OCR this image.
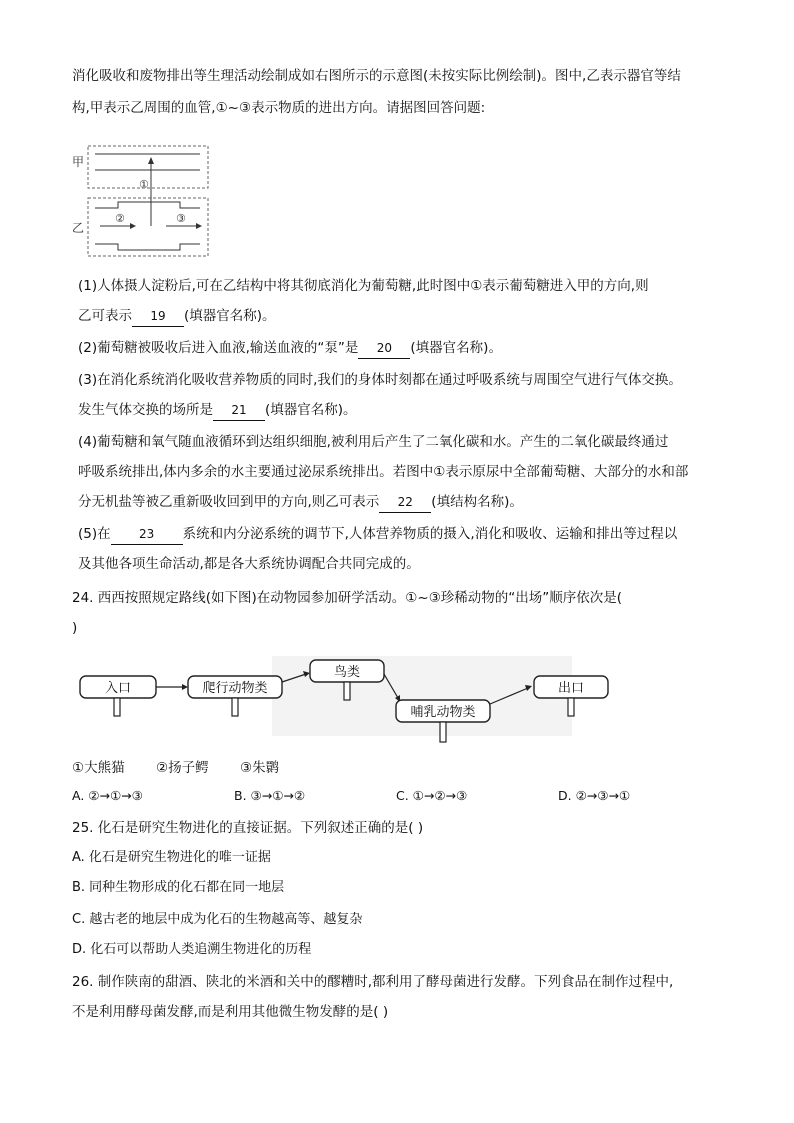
消化吸收和废物排出等生理活动绘制成如右图所示的示意图(未按实际比例绘制)。图中,乙表示器官等结
构,甲表示乙周围的血管,①~③表示物质的进出方向。请据图回答问题:
甲
乙
①
②	③
(1)人体摄人淀粉后,可在乙结构中将其彻底消化为葡萄糖,此时图中①表示葡萄糖进入甲的方向,则
乙可表示 19 (填器官名称)。
(2)葡萄糖被吸收后进入血液,输送血液的“泵”是 20 (填器官名称)。
(3)在消化系统消化吸收营养物质的同时,我们的身体时刻都在通过呼吸系统与周围空气进行气体交换。
发生气体交换的场所是 21 (填器官名称)。
(4)葡萄糖和氧气随血液循环到达组织细胞,被利用后产生了二氧化碳和水。产生的二氧化碳最终通过
呼吸系统排出,体内多余的水主要通过泌尿系统排出。若图中①表示原尿中全部葡萄糖、大部分的水和部
分无机盐等被乙重新吸收回到甲的方向,则乙可表示 22 (填结构名称)。
(5)在 23 系统和内分泌系统的调节下,人体营养物质的摄入,消化和吸收、运输和排出等过程以
及其他各项生命活动,都是各大系统协调配合共同完成的。
24. 西西按照规定路线(如下图)在动物园参加研学活动。①~③珍稀动物的“出场”顺序依次是(
)
入口	爬行动物类
鸟类
哺乳动物类
出口
①大熊猫 ②扬子鳄 ③朱鹮
A. ②→①→③	B. ③→①→②	C. ①→②→③	D. ②→③→①
25. 化石是研究生物进化的直接证据。下列叙述正确的是( )
A. 化石是研究生物进化的唯一证据
B. 同种生物形成的化石都在同一地层
C. 越古老的地层中成为化石的生物越高等、越复杂
D. 化石可以帮助人类追溯生物进化的历程
26. 制作陕南的甜酒、陕北的米酒和关中的醪糟时,都利用了酵母菌进行发酵。下列食品在制作过程中,
不是利用酵母菌发酵,而是利用其他微生物发酵的是( )
